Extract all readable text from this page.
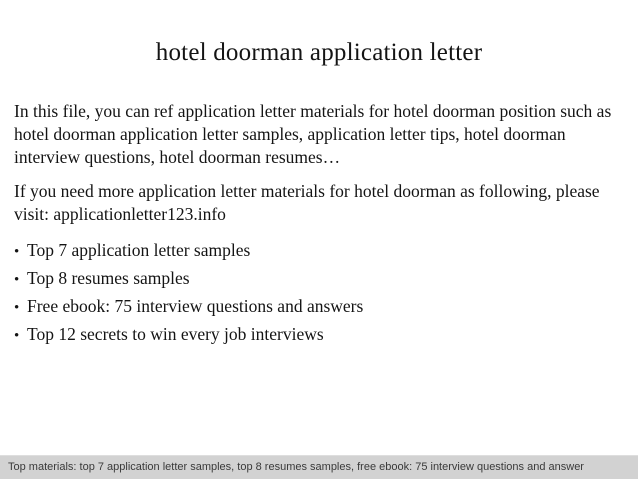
hotel doorman application letter

In this file, you can ref application letter materials for hotel doorman position such as hotel doorman application letter samples, application letter tips, hotel doorman interview questions, hotel doorman resumes…

If you need more application letter materials for hotel doorman as following, please visit: applicationletter123.info

• Top 7 application letter samples
• Top 8 resumes samples
• Free ebook: 75 interview questions and answers
• Top 12 secrets to win every job interviews
Top materials: top 7 application letter samples, top 8 resumes samples, free ebook: 75 interview questions and answer
